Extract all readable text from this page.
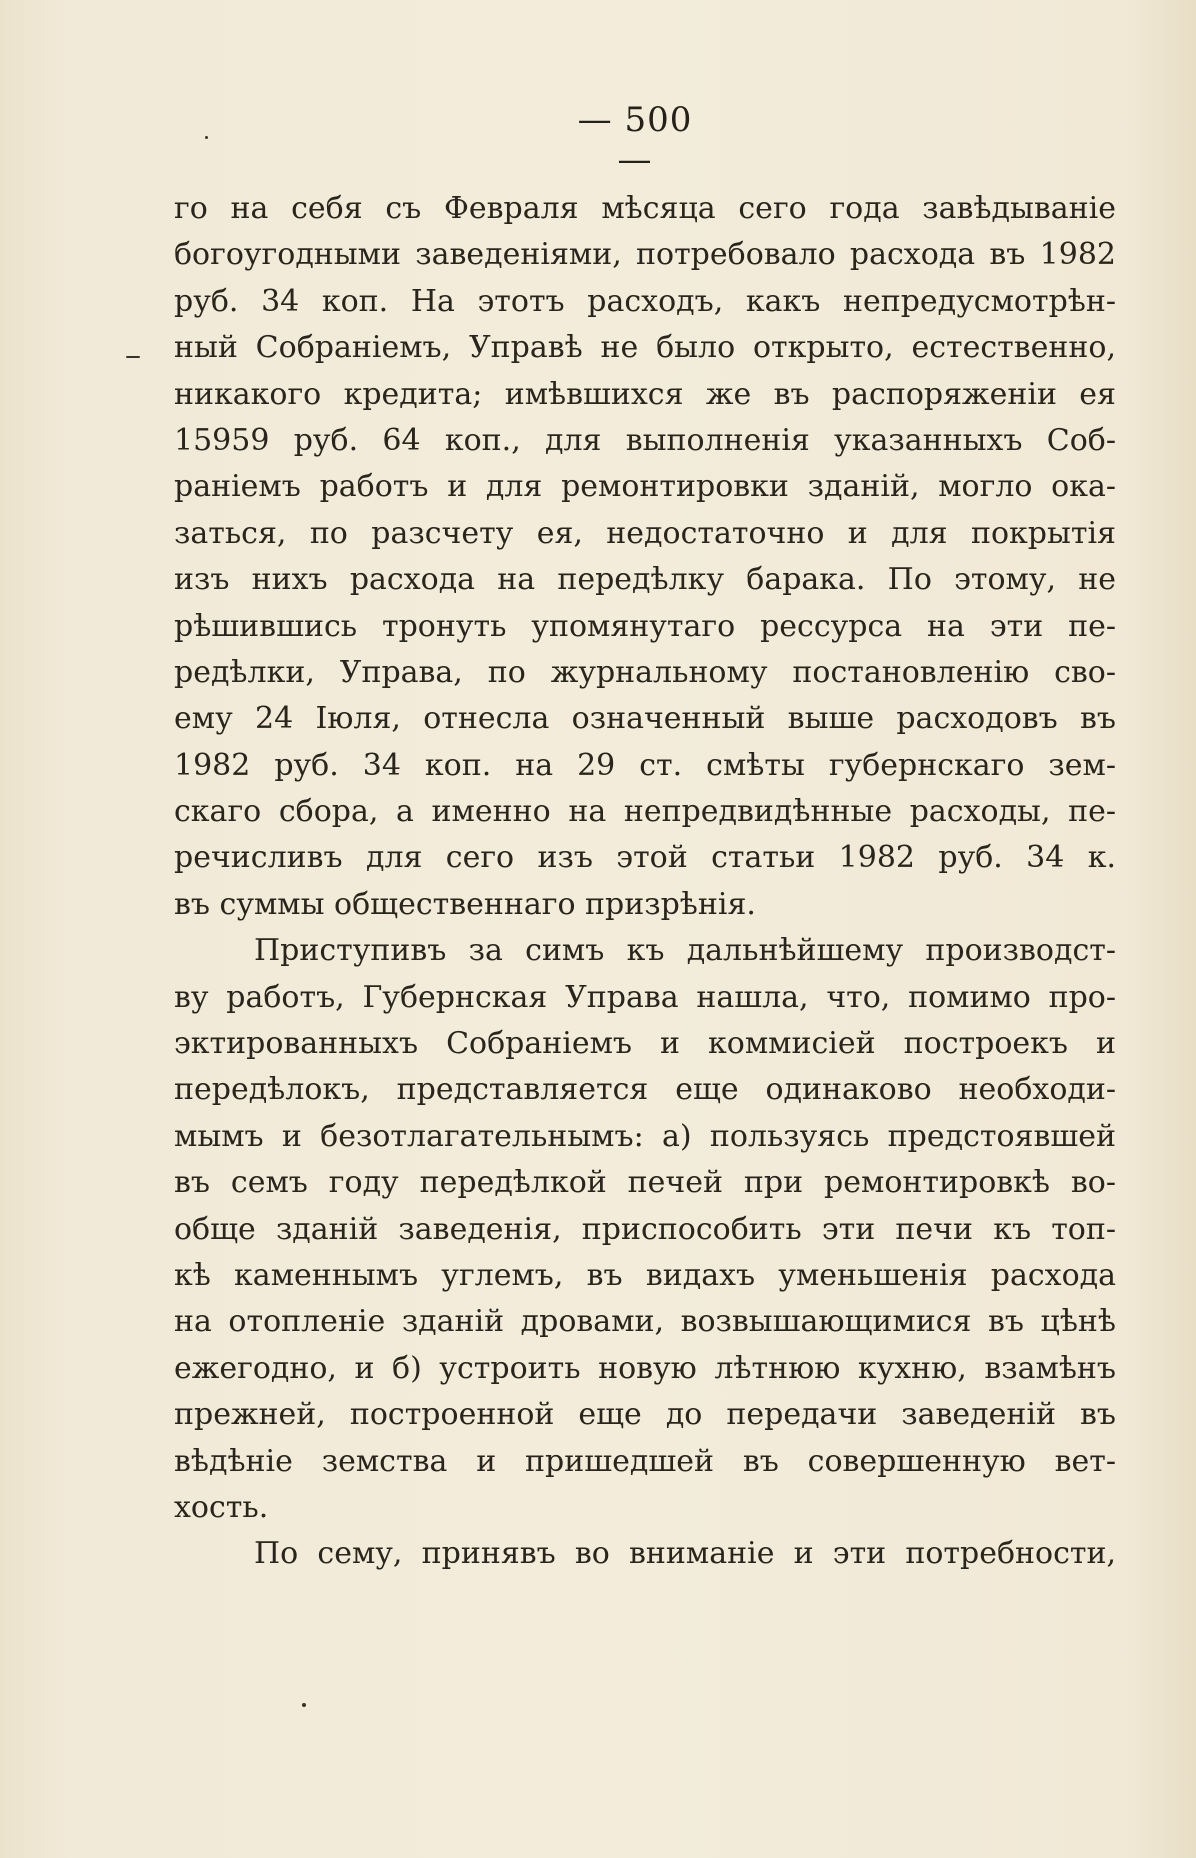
— 500 —
го на себя съ Февраля мѣсяца сего года завѣдываніе
богоугодными заведеніями, потребовало расхода въ 1982
руб. 34 коп. На этотъ расходъ, какъ непредусмотрѣн-
ный Собраніемъ, Управѣ не было открыто, естественно,
никакого кредита; имѣвшихся же въ распоряженіи ея
15959 руб. 64 коп., для выполненія указанныхъ Соб-
раніемъ работъ и для ремонтировки зданій, могло ока-
заться, по разсчету ея, недостаточно и для покрытія
изъ нихъ расхода на передѣлку барака. По этому, не
рѣшившись тронуть упомянутаго рессурса на эти пе-
редѣлки, Управа, по журнальному постановленію сво-
ему 24 Іюля, отнесла означенный выше расходовъ въ
1982 руб. 34 коп. на 29 ст. смѣты губернскаго зем-
скаго сбора, а именно на непредвидѣнные расходы, пе-
речисливъ для сего изъ этой статьи 1982 руб. 34 к.
въ суммы общественнаго призрѣнія.
Приступивъ за симъ къ дальнѣйшему производст-
ву работъ, Губернская Управа нашла, что, помимо про-
эктированныхъ Собраніемъ и коммисіей построекъ и
передѣлокъ, представляется еще одинаково необходи-
мымъ и безотлагательнымъ: а) пользуясь предстоявшей
въ семъ году передѣлкой печей при ремонтировкѣ во-
обще зданій заведенія, приспособить эти печи къ топ-
кѣ каменнымъ углемъ, въ видахъ уменьшенія расхода
на отопленіе зданій дровами, возвышающимися въ цѣнѣ
ежегодно, и б) устроить новую лѣтнюю кухню, взамѣнъ
прежней, построенной еще до передачи заведеній въ
вѣдѣніе земства и пришедшей въ совершенную вет-
хость.
По сему, принявъ во вниманіе и эти потребности,
